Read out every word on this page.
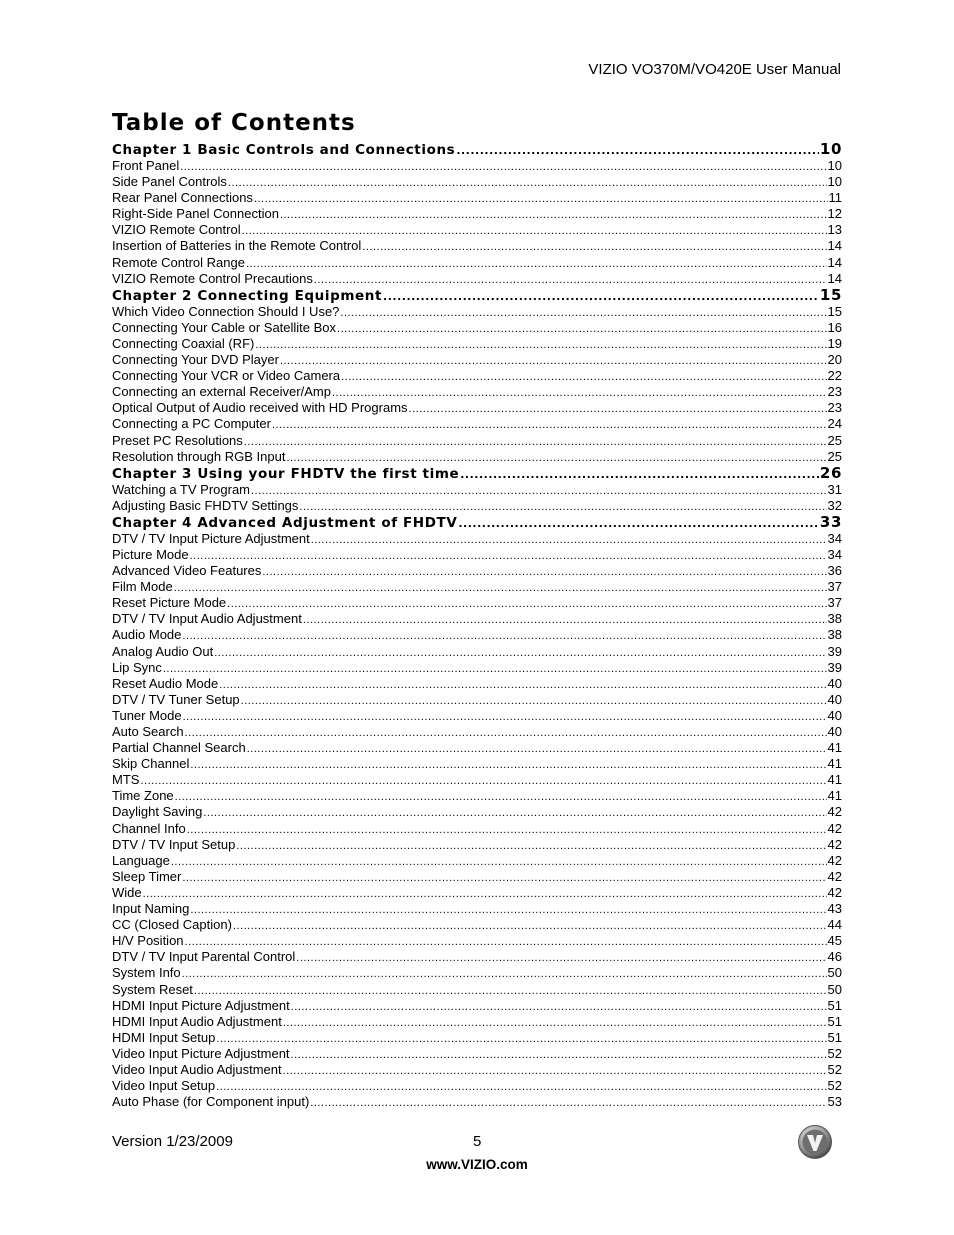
VIZIO VO370M/VO420E User Manual
Table of Contents
Chapter 1 Basic Controls and Connections .....	10
Front Panel .....	10
Side Panel Controls .....	10
Rear Panel Connections .....	11
Right-Side Panel Connection .....	12
VIZIO Remote Control .....	13
Insertion of Batteries in the Remote Control .....	14
Remote Control Range .....	14
VIZIO Remote Control Precautions .....	14
Chapter 2 Connecting Equipment .....	15
Which Video Connection Should I Use? .....	15
Connecting Your Cable or Satellite Box .....	16
Connecting Coaxial (RF) .....	19
Connecting Your DVD Player .....	20
Connecting Your VCR or Video Camera .....	22
Connecting an external Receiver/Amp .....	23
Optical Output of Audio received with HD Programs .....	23
Connecting a PC Computer .....	24
Preset PC Resolutions .....	25
Resolution through RGB Input .....	25
Chapter 3 Using your FHDTV the first time .....	26
Watching a TV Program .....	31
Adjusting Basic FHDTV Settings .....	32
Chapter 4 Advanced Adjustment of FHDTV .....	33
DTV / TV Input Picture Adjustment .....	34
Picture Mode .....	34
Advanced Video Features .....	36
Film Mode .....	37
Reset Picture Mode .....	37
DTV / TV Input Audio Adjustment .....	38
Audio Mode .....	38
Analog Audio Out .....	39
Lip Sync .....	39
Reset Audio Mode .....	40
DTV / TV Tuner Setup .....	40
Tuner Mode .....	40
Auto Search .....	40
Partial Channel Search .....	41
Skip Channel .....	41
MTS .....	41
Time Zone .....	41
Daylight Saving .....	42
Channel Info .....	42
DTV / TV Input Setup .....	42
Language .....	42
Sleep Timer .....	42
Wide .....	42
Input Naming .....	43
CC (Closed Caption) .....	44
H/V Position .....	45
DTV / TV Input Parental Control .....	46
System Info .....	50
System Reset .....	50
HDMI Input Picture Adjustment .....	51
HDMI Input Audio Adjustment .....	51
HDMI Input Setup .....	51
Video Input Picture Adjustment .....	52
Video Input Audio Adjustment .....	52
Video Input Setup .....	52
Auto Phase (for Component input) .....	53
Version 1/23/2009	5
www.VIZIO.com
